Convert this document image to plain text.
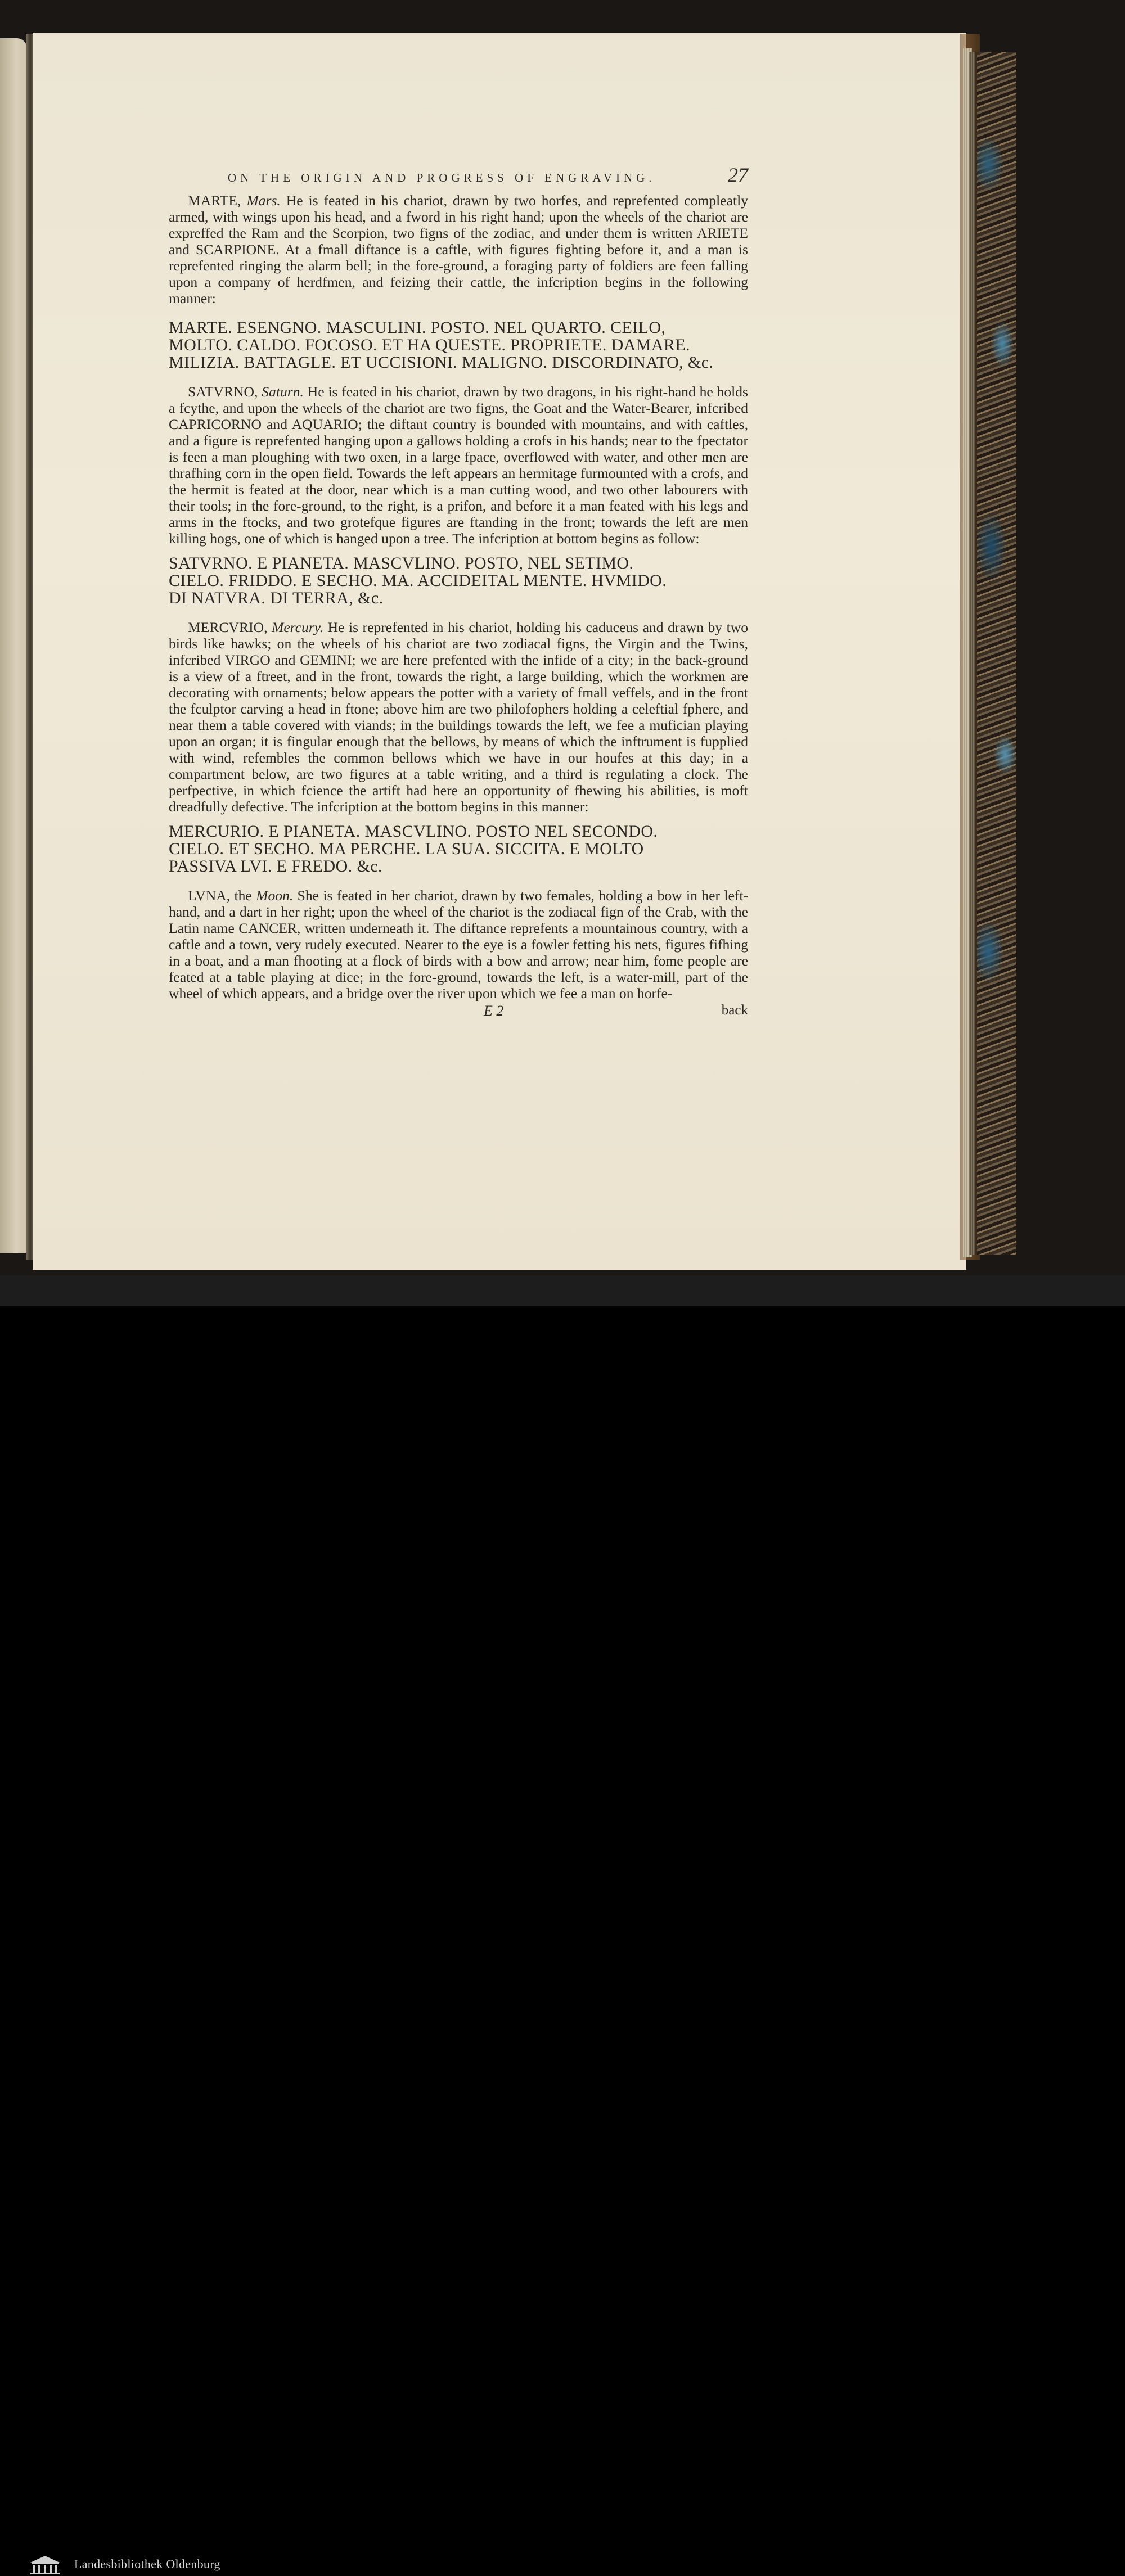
ON THE ORIGIN AND PROGRESS OF ENGRAVING.	27

MARTE, Mars. He is feated in his chariot, drawn by two horfes, and reprefented compleatly armed, with wings upon his head, and a fword in his right hand; upon the wheels of the chariot are expreffed the Ram and the Scorpion, two figns of the zodiac, and under them is written ARIETE and SCARPIONE. At a fmall diftance is a caftle, with figures fighting before it, and a man is reprefented ringing the alarm bell; in the fore-ground, a foraging party of foldiers are feen falling upon a company of herdfmen, and feizing their cattle, the infcription begins in the following manner:

MARTE. ESENGNO. MASCULINI. POSTO. NEL QUARTO. CEILO,
MOLTO. CALDO. FOCOSO. ET HA QUESTE. PROPRIETE. DAMARE.
MILIZIA. BATTAGLE. ET UCCISIONI. MALIGNO. DISCORDINATO, &c.

SATVRNO, Saturn. He is feated in his chariot, drawn by two dragons, in his right-hand he holds a fcythe, and upon the wheels of the chariot are two figns, the Goat and the Water-Bearer, infcribed CAPRICORNO and AQUARIO; the diftant country is bounded with mountains, and with caftles, and a figure is reprefented hanging upon a gallows holding a crofs in his hands; near to the fpectator is feen a man ploughing with two oxen, in a large fpace, overflowed with water, and other men are thrafhing corn in the open field. Towards the left appears an hermitage furmounted with a crofs, and the hermit is feated at the door, near which is a man cutting wood, and two other labourers with their tools; in the fore-ground, to the right, is a prifon, and before it a man feated with his legs and arms in the ftocks, and two grotefque figures are ftanding in the front; towards the left are men killing hogs, one of which is hanged upon a tree. The infcription at bottom begins as follow:

SATVRNO. E PIANETA. MASCVLINO. POSTO, NEL SETIMO.
CIELO. FRIDDO. E SECHO. MA. ACCIDEITAL MENTE. HVMIDO.
DI NATVRA. DI TERRA, &c.

MERCVRIO, Mercury. He is reprefented in his chariot, holding his caduceus and drawn by two birds like hawks; on the wheels of his chariot are two zodiacal figns, the Virgin and the Twins, infcribed VIRGO and GEMINI; we are here prefented with the infide of a city; in the back-ground is a view of a ftreet, and in the front, towards the right, a large building, which the workmen are decorating with ornaments; below appears the potter with a variety of fmall veffels, and in the front the fculptor carving a head in ftone; above him are two philofophers holding a celeftial fphere, and near them a table covered with viands; in the buildings towards the left, we fee a mufician playing upon an organ; it is fingular enough that the bellows, by means of which the inftrument is fupplied with wind, refembles the common bellows which we have in our houfes at this day; in a compartment below, are two figures at a table writing, and a third is regulating a clock. The perfpective, in which fcience the artift had here an opportunity of fhewing his abilities, is moft dreadfully defective. The infcription at the bottom begins in this manner:

MERCURIO. E PIANETA. MASCVLINO. POSTO NEL SECONDO.
CIELO. ET SECHO. MA PERCHE. LA SUA. SICCITA. E MOLTO
PASSIVA LVI. E FREDO. &c.

LVNA, the Moon. She is feated in her chariot, drawn by two females, holding a bow in her left-hand, and a dart in her right; upon the wheel of the chariot is the zodiacal fign of the Crab, with the Latin name CANCER, written underneath it. The diftance reprefents a mountainous country, with a caftle and a town, very rudely executed. Nearer to the eye is a fowler fetting his nets, figures fifhing in a boat, and a man fhooting at a flock of birds with a bow and arrow; near him, fome people are feated at a table playing at dice; in the fore-ground, towards the left, is a water-mill, part of the wheel of which appears, and a bridge over the river upon which we fee a man on horfe-

E 2	back
Landesbibliothek Oldenburg
